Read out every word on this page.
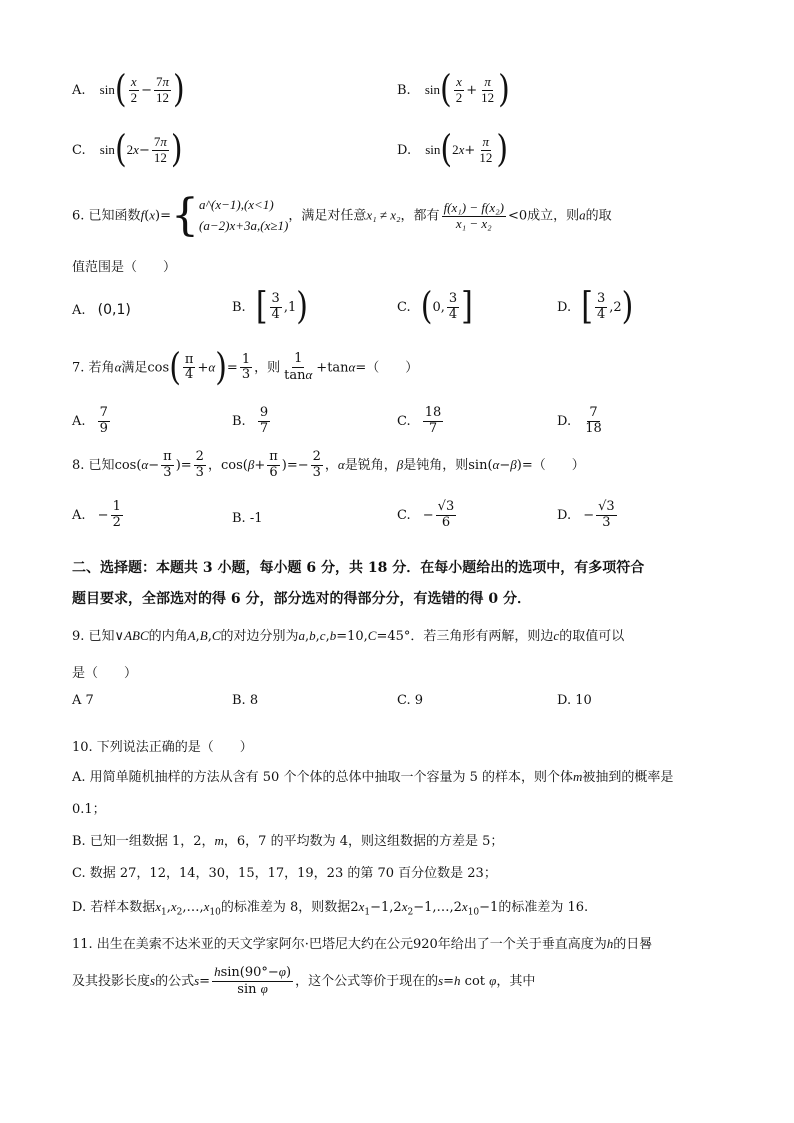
A. $\sin( \frac{x}{2} - \frac{7\pi}{12}$ )	B. $\sin( \frac{x}{2} + \frac{\pi}{12}$ )
C. $\sin(2x- \frac{7\pi}{12}$ )	D. $\sin(2x+ \frac{\pi}{12}$ )
6. 已知函数f(x)={ a^(x−1),(x<1)
(a−2)x+3a,(x≥1)
，满足对任意x₁ ≠ x₂，都有 $\frac{\text{f(x₁) − f(x₂)}}{\text{x₁ − x₂}} <0$成立，则a的取
值范围是（　　）
A. (0,1)	B. [ $\frac{3}{4} ,1$)	C. (0, $\frac{3}{4}$ ]	D. [ $\frac{3}{4} ,2$)
7. 若角α满足$\cos( \frac{\pi}{4} +\alpha)= \frac{1}{3}$ ，则 $\frac{1}{\tan\alpha} +\tan\alpha=$（　　）
A. $\frac{7}{9}$	B. $\frac{9}{7}$	C. $\frac{18}{7}$	D. $\frac{7}{18}$
8. 已知$\cos(\alpha- \frac{\pi}{3}$ )= $\frac{2}{3}$ ，$\cos(\beta+ \frac{\pi}{6}$ )=− $\frac{2}{3}$ ，α是锐角，β是钝角，则sin(α−β)=（　　）
A. − $\frac{1}{2}$	B. -1	C. − $\frac{√3}{6}$	D. − $\frac{√3}{3}$
二、选择题：本题共 3 小题，每小题 6 分，共 18 分．在每小题给出的选项中，有多项符合
题目要求，全部选对的得 6 分，部分选对的得部分分，有选错的得 0 分．
9. 已知∨ABC的内角A,B,C的对边分别为a,b,c,b=10,C=45°．若三角形有两解，则边c的取值可以
是（　　）
A 7	B. 8	C. 9	D. 10
10. 下列说法正确的是（　　）
A. 用简单随机抽样的方法从含有 50 个个体的总体中抽取一个容量为 5 的样本，则个体m被抽到的概率是
0.1；
B. 已知一组数据 1，2，m，6，7 的平均数为 4，则这组数据的方差是 5；
C. 数据 27，12，14，30，15，17，19，23 的第 70 百分位数是 23；
D. 若样本数据$x_1,x_2,\dots,x_{10}$的标准差为 8，则数据$2x_1-1,2x_2-1,\dots,2x_{10}-1$的标准差为 16.
11. 出生在美索不达米亚的天文学家阿尔·巴塔尼大约在公元920年给出了一个关于垂直高度为h的日晷
及其投影长度s的公式$s= \frac{hsin(90^\circ-\varphi)}{\text{sin φ}}$ ，这个公式等价于现在的s=h cot φ，其中
